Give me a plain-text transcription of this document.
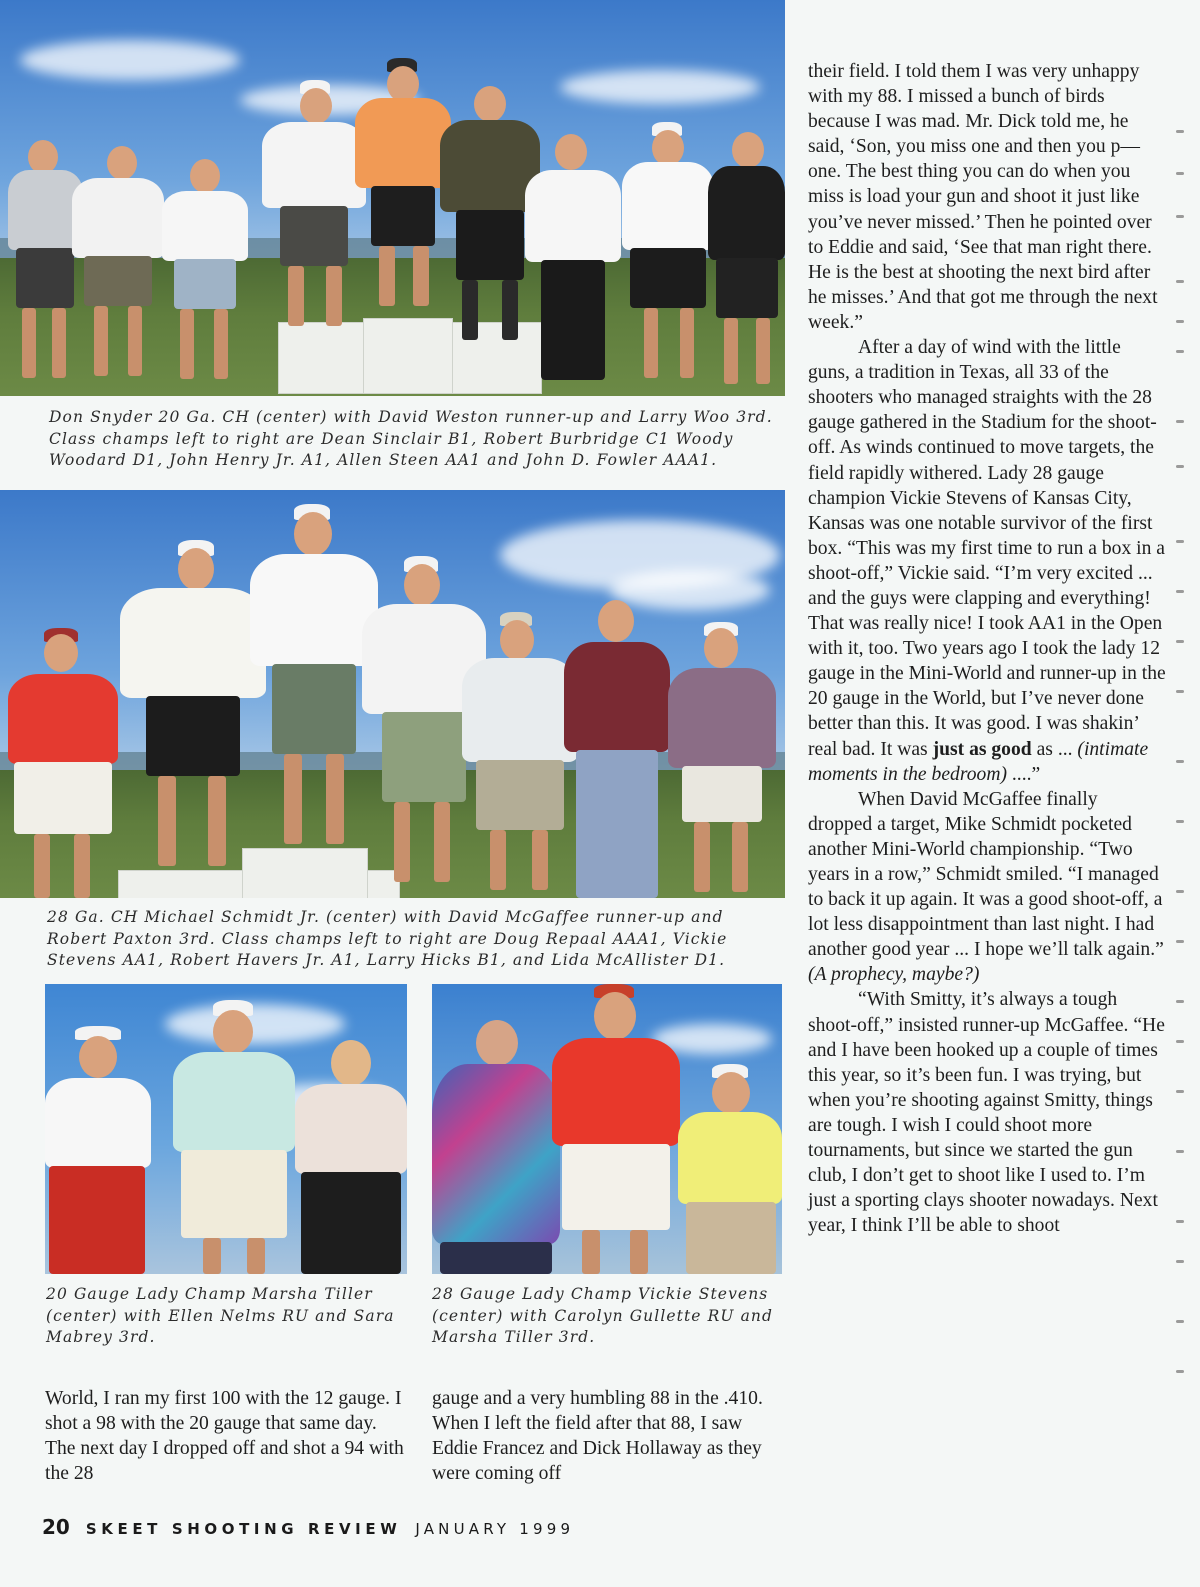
Don Snyder 20 Ga. CH (center) with David Weston runner-up and Larry Woo 3rd. Class champs left to right are Dean Sinclair B1, Robert Burbridge C1 Woody Woodard D1, John Henry Jr. A1, Allen Steen AA1 and John D. Fowler AAA1.

28 Ga. CH Michael Schmidt Jr. (center) with David McGaffee runner-up and Robert Paxton 3rd. Class champs left to right are Doug Repaal AAA1, Vickie Stevens AA1, Robert Havers Jr. A1, Larry Hicks B1, and Lida McAllister D1.

20 Gauge Lady Champ Marsha Tiller (center) with Ellen Nelms RU and Sara Mabrey 3rd.

28 Gauge Lady Champ Vickie Stevens (center) with Carolyn Gullette RU and Marsha Tiller 3rd.

World, I ran my first 100 with the 12 gauge. I shot a 98 with the 20 gauge that same day. The next day I dropped off and shot a 94 with the 28

gauge and a very humbling 88 in the .410. When I left the field after that 88, I saw Eddie Francez and Dick Hollaway as they were coming off

their field. I told them I was very unhappy with my 88. I missed a bunch of birds because I was mad. Mr. Dick told me, he said, ‘Son, you miss one and then you p— one. The best thing you can do when you miss is load your gun and shoot it just like you’ve never missed.’ Then he pointed over to Eddie and said, ‘See that man right there. He is the best at shooting the next bird after he misses.’ And that got me through the next week.”

After a day of wind with the little guns, a tradition in Texas, all 33 of the shooters who managed straights with the 28 gauge gathered in the Stadium for the shoot-off. As winds continued to move targets, the field rapidly withered. Lady 28 gauge champion Vickie Stevens of Kansas City, Kansas was one notable survivor of the first box. “This was my first time to run a box in a shoot-off,” Vickie said. “I’m very excited ... and the guys were clapping and everything! That was really nice! I took AA1 in the Open with it, too. Two years ago I took the lady 12 gauge in the Mini-World and runner-up in the 20 gauge in the World, but I’ve never done better than this. It was good. I was shakin’ real bad. It was just as good as ... (intimate moments in the bedroom) ....”

When David McGaffee finally dropped a target, Mike Schmidt pocketed another Mini-World championship. “Two years in a row,” Schmidt smiled. “I managed to back it up again. It was a good shoot-off, a lot less disappointment than last night. I had another good year ... I hope we’ll talk again.” (A prophecy, maybe?)

“With Smitty, it’s always a tough shoot-off,” insisted runner-up McGaffee. “He and I have been hooked up a couple of times this year, so it’s been fun. I was trying, but when you’re shooting against Smitty, things are tough. I wish I could shoot more tournaments, but since we started the gun club, I don’t get to shoot like I used to. I’m just a sporting clays shooter nowadays. Next year, I think I’ll be able to shoot

20 SKEET SHOOTING REVIEW JANUARY 1999
